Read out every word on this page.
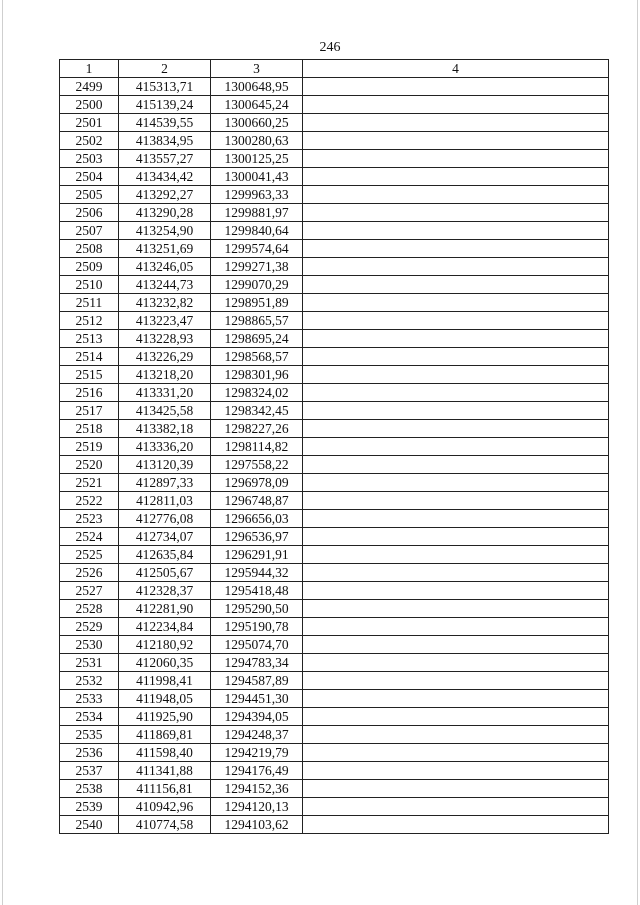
246
1	2	3	4
2499	415313,71	1300648,95	
2500	415139,24	1300645,24	
2501	414539,55	1300660,25	
2502	413834,95	1300280,63	
2503	413557,27	1300125,25	
2504	413434,42	1300041,43	
2505	413292,27	1299963,33	
2506	413290,28	1299881,97	
2507	413254,90	1299840,64	
2508	413251,69	1299574,64	
2509	413246,05	1299271,38	
2510	413244,73	1299070,29	
2511	413232,82	1298951,89	
2512	413223,47	1298865,57	
2513	413228,93	1298695,24	
2514	413226,29	1298568,57	
2515	413218,20	1298301,96	
2516	413331,20	1298324,02	
2517	413425,58	1298342,45	
2518	413382,18	1298227,26	
2519	413336,20	1298114,82	
2520	413120,39	1297558,22	
2521	412897,33	1296978,09	
2522	412811,03	1296748,87	
2523	412776,08	1296656,03	
2524	412734,07	1296536,97	
2525	412635,84	1296291,91	
2526	412505,67	1295944,32	
2527	412328,37	1295418,48	
2528	412281,90	1295290,50	
2529	412234,84	1295190,78	
2530	412180,92	1295074,70	
2531	412060,35	1294783,34	
2532	411998,41	1294587,89	
2533	411948,05	1294451,30	
2534	411925,90	1294394,05	
2535	411869,81	1294248,37	
2536	411598,40	1294219,79	
2537	411341,88	1294176,49	
2538	411156,81	1294152,36	
2539	410942,96	1294120,13	
2540	410774,58	1294103,62	
